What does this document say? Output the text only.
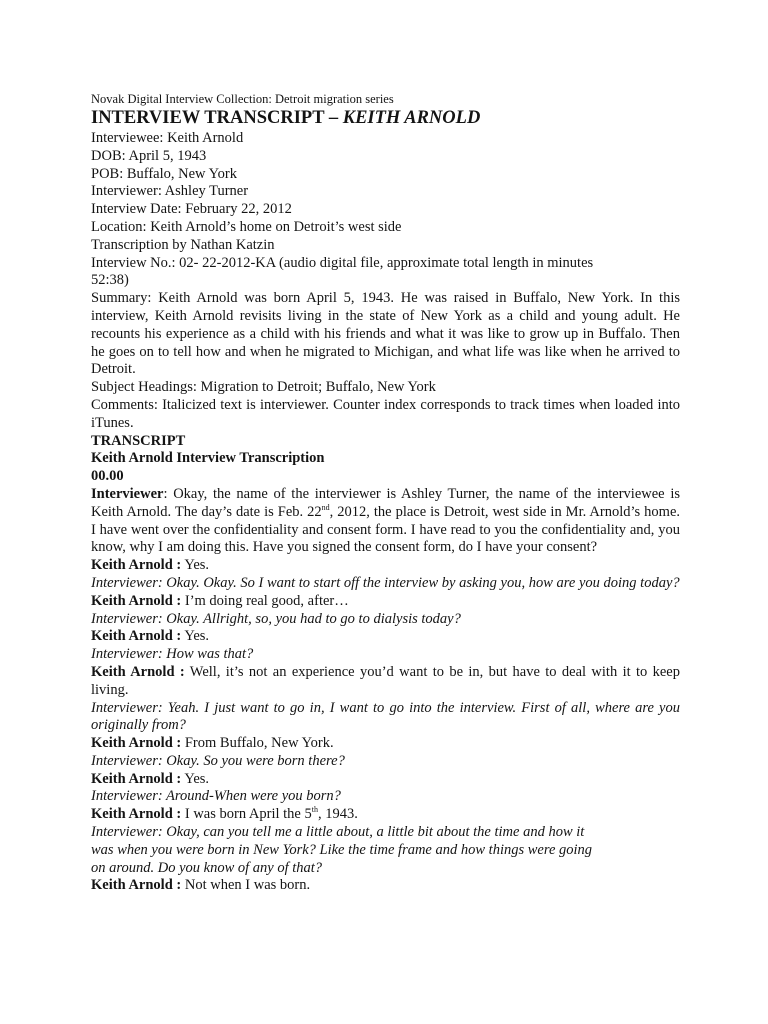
Novak Digital Interview Collection: Detroit migration series

INTERVIEW TRANSCRIPT – KEITH ARNOLD

Interviewee: Keith Arnold

DOB: April 5, 1943

POB: Buffalo, New York

Interviewer: Ashley Turner

Interview Date: February 22, 2012

Location: Keith Arnold’s home on Detroit’s west side

Transcription by Nathan Katzin

Interview No.: 02- 22-2012-KA (audio digital file, approximate total length in minutes

52:38)

Summary: Keith Arnold was born April 5, 1943. He was raised in Buffalo, New York. In this interview, Keith Arnold revisits living in the state of New York as a child and young adult. He recounts his experience as a child with his friends and what it was like to grow up in Buffalo. Then he goes on to tell how and when he migrated to Michigan, and what life was like when he arrived to Detroit.

Subject Headings: Migration to Detroit; Buffalo, New York

Comments: Italicized text is interviewer. Counter index corresponds to track times when loaded into iTunes.

TRANSCRIPT

Keith Arnold Interview Transcription

00.00

Interviewer: Okay, the name of the interviewer is Ashley Turner, the name of the interviewee is Keith Arnold. The day’s date is Feb. 22nd, 2012, the place is Detroit, west side in Mr. Arnold’s home. I have went over the confidentiality and consent form. I have read to you the confidentiality and, you know, why I am doing this. Have you signed the consent form, do I have your consent?

Keith Arnold : Yes.

Interviewer: Okay. Okay. So I want to start off the interview by asking you, how are you doing today?

Keith Arnold : I’m doing real good, after…

Interviewer: Okay. Allright, so, you had to go to dialysis today?

Keith Arnold : Yes.

Interviewer: How was that?

Keith Arnold : Well, it’s not an experience you’d want to be in, but have to deal with it to keep living.

Interviewer: Yeah. I just want to go in, I want to go into the interview. First of all, where are you originally from?

Keith Arnold : From Buffalo, New York.

Interviewer: Okay. So you were born there?

Keith Arnold : Yes.

Interviewer: Around-When were you born?

Keith Arnold : I was born April the 5th, 1943.

Interviewer: Okay, can you tell me a little about, a little bit about the time and how it
was when you were born in New York? Like the time frame and how things were going
on around. Do you know of any of that?

Keith Arnold : Not when I was born.
